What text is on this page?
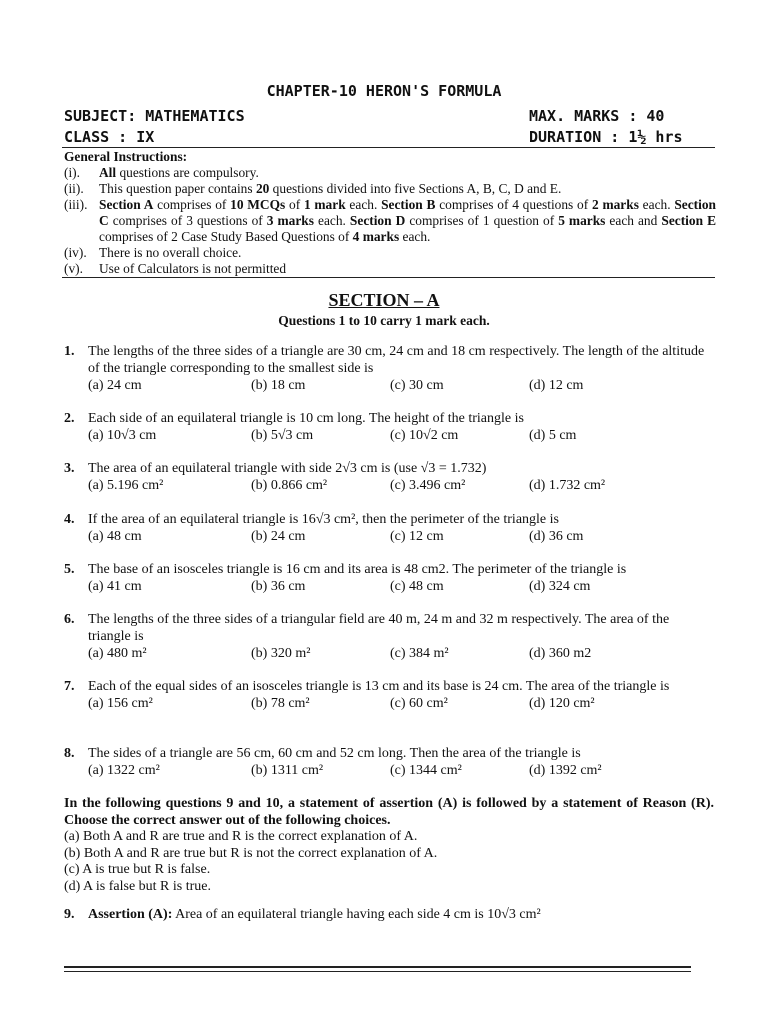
CHAPTER-10 HERON'S FORMULA
SUBJECT: MATHEMATICS	MAX. MARKS : 40
CLASS : IX	DURATION : 1½ hrs
General Instructions:
(i).	All questions are compulsory.
(ii).	This question paper contains 20 questions divided into five Sections A, B, C, D and E.
(iii). Section A comprises of 10 MCQs of 1 mark each. Section B comprises of 4 questions of 2 marks each. Section C comprises of 3 questions of 3 marks each. Section D comprises of 1 question of 5 marks each and Section E comprises of 2 Case Study Based Questions of 4 marks each.
(iv). There is no overall choice.
(v).	Use of Calculators is not permitted
SECTION – A
Questions 1 to 10 carry 1 mark each.
1. The lengths of the three sides of a triangle are 30 cm, 24 cm and 18 cm respectively. The length of the altitude of the triangle corresponding to the smallest side is
(a) 24 cm	(b) 18 cm	(c) 30 cm	(d) 12 cm
2. Each side of an equilateral triangle is 10 cm long. The height of the triangle is
(a) 10√3 cm	(b) 5√3 cm	(c) 10√2 cm	(d) 5 cm
3. The area of an equilateral triangle with side 2√3 cm is (use √3 = 1.732)
(a) 5.196 cm²	(b) 0.866 cm²	(c) 3.496 cm²	(d) 1.732 cm²
4. If the area of an equilateral triangle is 16√3 cm², then the perimeter of the triangle is
(a) 48 cm	(b) 24 cm	(c) 12 cm	(d) 36 cm
5. The base of an isosceles triangle is 16 cm and its area is 48 cm2. The perimeter of the triangle is
(a) 41 cm	(b) 36 cm	(c) 48 cm	(d) 324 cm
6. The lengths of the three sides of a triangular field are 40 m, 24 m and 32 m respectively. The area of the triangle is
(a) 480 m²	(b) 320 m²	(c) 384 m²	(d) 360 m2
7. Each of the equal sides of an isosceles triangle is 13 cm and its base is 24 cm. The area of the triangle is
(a) 156 cm²	(b) 78 cm²	(c) 60 cm²	(d) 120 cm²
8. The sides of a triangle are 56 cm, 60 cm and 52 cm long. Then the area of the triangle is
(a) 1322 cm²	(b) 1311 cm²	(c) 1344 cm²	(d) 1392 cm²
In the following questions 9 and 10, a statement of assertion (A) is followed by a statement of Reason (R). Choose the correct answer out of the following choices.
(a) Both A and R are true and R is the correct explanation of A.
(b) Both A and R are true but R is not the correct explanation of A.
(c) A is true but R is false.
(d) A is false but R is true.
9. Assertion (A): Area of an equilateral triangle having each side 4 cm is 10√3 cm²
